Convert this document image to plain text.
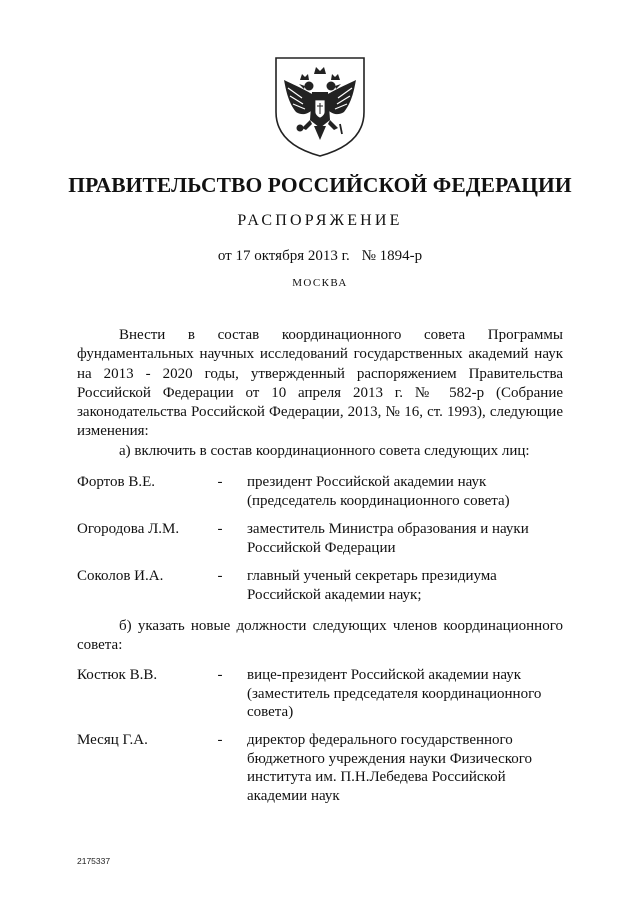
ПРАВИТЕЛЬСТВО РОССИЙСКОЙ ФЕДЕРАЦИИ
РАСПОРЯЖЕНИЕ
от 17 октября 2013 г. № 1894-р
МОСКВА

Внести в состав координационного совета Программы фундаментальных научных исследований государственных академий наук на 2013 - 2020 годы, утвержденный распоряжением Правительства Российской Федерации от 10 апреля 2013 г. № 582-р (Собрание законодательства Российской Федерации, 2013, № 16, ст. 1993), следующие изменения:

а) включить в состав координационного совета следующих лиц:

Фортов В.Е.	- президент Российской академии наук
(председатель координационного совета)
Огородова Л.М.	- заместитель Министра образования и науки
Российской Федерации
Соколов И.А.	- главный ученый секретарь президиума
Российской академии наук;

б) указать новые должности следующих членов координационного совета:

Костюк В.В.	- вице-президент Российской академии наук
(заместитель председателя координационного
совета)
Месяц Г.А.	- директор федерального государственного
бюджетного учреждения науки Физического
института им. П.Н.Лебедева Российской
академии наук
2175337
